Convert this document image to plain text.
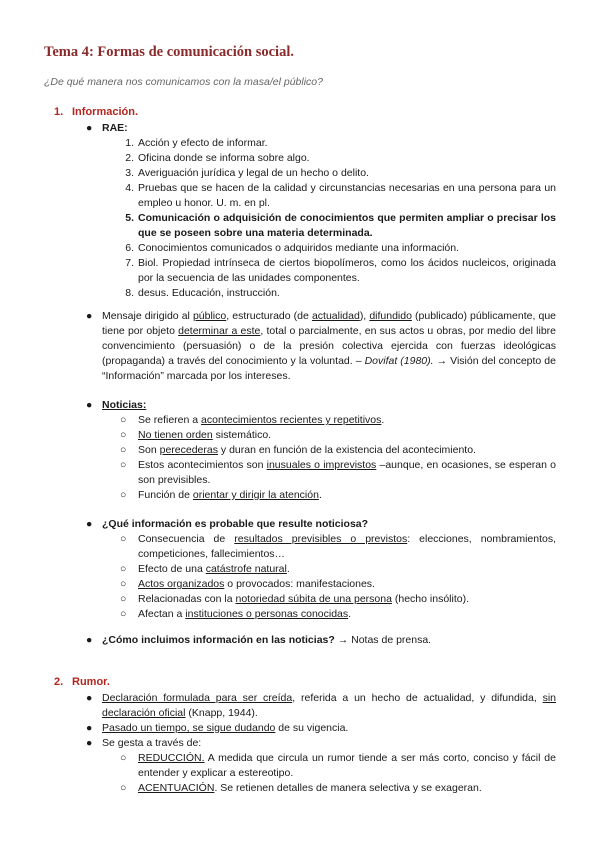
Tema 4: Formas de comunicación social.
¿De qué manera nos comunicamos con la masa/el público?
1. Información.
● RAE:
1. Acción y efecto de informar.
2. Oficina donde se informa sobre algo.
3. Averiguación jurídica y legal de un hecho o delito.
4. Pruebas que se hacen de la calidad y circunstancias necesarias en una persona para un empleo u honor. U. m. en pl.
5. Comunicación o adquisición de conocimientos que permiten ampliar o precisar los que se poseen sobre una materia determinada.
6. Conocimientos comunicados o adquiridos mediante una información.
7. Biol. Propiedad intrínseca de ciertos biopolímeros, como los ácidos nucleicos, originada por la secuencia de las unidades componentes.
8. desus. Educación, instrucción.
● Mensaje dirigido al público, estructurado (de actualidad), difundido (publicado) públicamente, que tiene por objeto determinar a este, total o parcialmente, en sus actos u obras, por medio del libre convencimiento (persuasión) o de la presión colectiva ejercida con fuerzas ideológicas (propaganda) a través del conocimiento y la voluntad. – Dovifat (1980). → Visión del concepto de “Información” marcada por los intereses.
● Noticias:
○ Se refieren a acontecimientos recientes y repetitivos.
○ No tienen orden sistemático.
○ Son perecederas y duran en función de la existencia del acontecimiento.
○ Estos acontecimientos son inusuales o imprevistos –aunque, en ocasiones, se esperan o son previsibles.
○ Función de orientar y dirigir la atención.
● ¿Qué información es probable que resulte noticiosa?
○ Consecuencia de resultados previsibles o previstos: elecciones, nombramientos, competiciones, fallecimientos…
○ Efecto de una catástrofe natural.
○ Actos organizados o provocados: manifestaciones.
○ Relacionadas con la notoriedad súbita de una persona (hecho insólito).
○ Afectan a instituciones o personas conocidas.
● ¿Cómo incluimos información en las noticias? → Notas de prensa.
2. Rumor.
● Declaración formulada para ser creída, referida a un hecho de actualidad, y difundida, sin declaración oficial (Knapp, 1944).
● Pasado un tiempo, se sigue dudando de su vigencia.
● Se gesta a través de:
○ REDUCCIÓN. A medida que circula un rumor tiende a ser más corto, conciso y fácil de entender y explicar a estereotipo.
○ ACENTUACIÓN. Se retienen detalles de manera selectiva y se exageran.
